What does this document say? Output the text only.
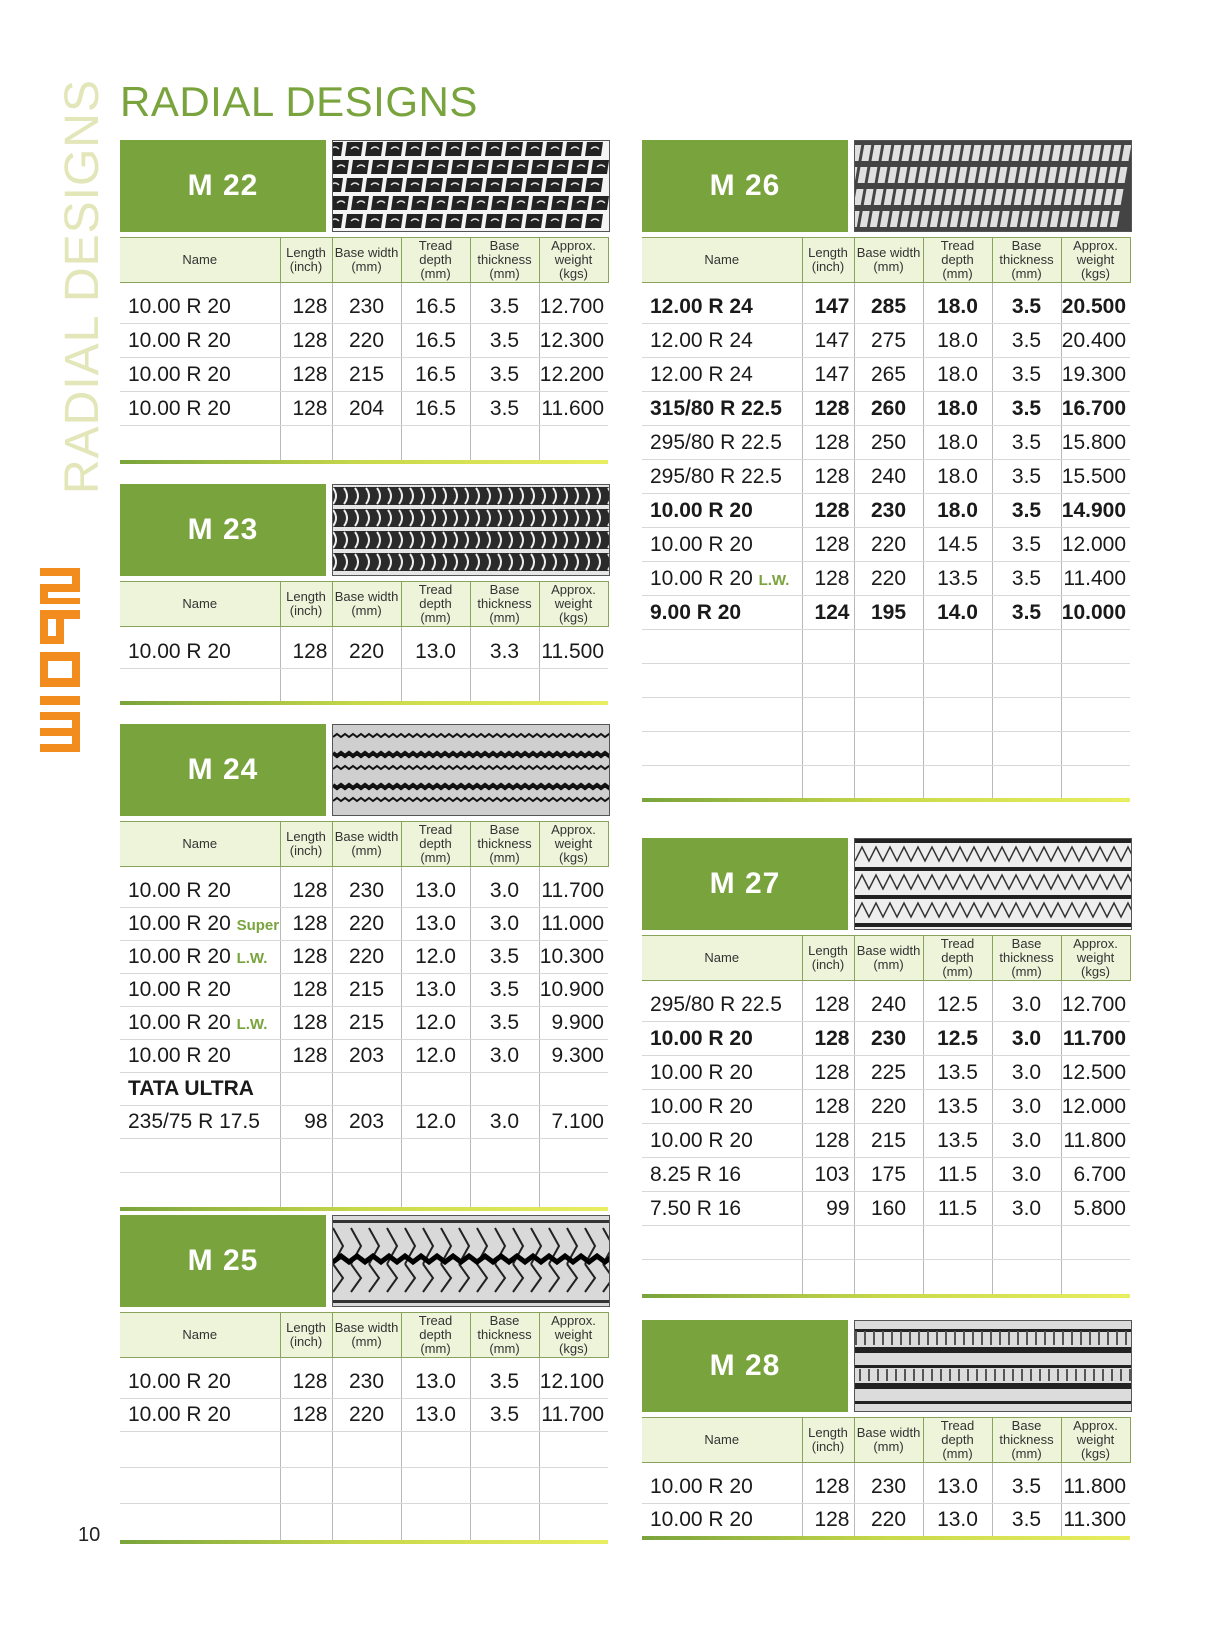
RADIAL DESIGNS RADIAL DESIGNS
10
M 22
Name	Length (inch)	Base width (mm)	Tread depth (mm)	Base thickness (mm)	Approx. weight (kgs)
10.00 R 20	128	230	16.5	3.5	12.700
10.00 R 20	128	220	16.5	3.5	12.300
10.00 R 20	128	215	16.5	3.5	12.200
10.00 R 20	128	204	16.5	3.5	11.600

M 23
Name	Length (inch)	Base width (mm)	Tread depth (mm)	Base thickness (mm)	Approx. weight (kgs)
10.00 R 20	128	220	13.0	3.3	11.500

M 24
Name	Length (inch)	Base width (mm)	Tread depth (mm)	Base thickness (mm)	Approx. weight (kgs)
10.00 R 20	128	230	13.0	3.0	11.700
10.00 R 20 Super	128	220	13.0	3.0	11.000
10.00 R 20 L.W.	128	220	12.0	3.5	10.300
10.00 R 20	128	215	13.0	3.5	10.900
10.00 R 20 L.W.	128	215	12.0	3.5	9.900
10.00 R 20	128	203	12.0	3.0	9.300
TATA ULTRA					
235/75 R 17.5	98	203	12.0	3.0	7.100

M 25
Name	Length (inch)	Base width (mm)	Tread depth (mm)	Base thickness (mm)	Approx. weight (kgs)
10.00 R 20	128	230	13.0	3.5	12.100
10.00 R 20	128	220	13.0	3.5	11.700

M 26
Name	Length (inch)	Base width (mm)	Tread depth (mm)	Base thickness (mm)	Approx. weight (kgs)
12.00 R 24	147	285	18.0	3.5	20.500
12.00 R 24	147	275	18.0	3.5	20.400
12.00 R 24	147	265	18.0	3.5	19.300
315/80 R 22.5	128	260	18.0	3.5	16.700
295/80 R 22.5	128	250	18.0	3.5	15.800
295/80 R 22.5	128	240	18.0	3.5	15.500
10.00 R 20	128	230	18.0	3.5	14.900
10.00 R 20	128	220	14.5	3.5	12.000
10.00 R 20 L.W.	128	220	13.5	3.5	11.400
9.00 R 20	124	195	14.0	3.5	10.000

M 27
Name	Length (inch)	Base width (mm)	Tread depth (mm)	Base thickness (mm)	Approx. weight (kgs)
295/80 R 22.5	128	240	12.5	3.0	12.700
10.00 R 20	128	230	12.5	3.0	11.700
10.00 R 20	128	225	13.5	3.0	12.500
10.00 R 20	128	220	13.5	3.0	12.000
10.00 R 20	128	215	13.5	3.0	11.800
8.25 R 16	103	175	11.5	3.0	6.700
7.50 R 16	99	160	11.5	3.0	5.800

M 28
Name	Length (inch)	Base width (mm)	Tread depth (mm)	Base thickness (mm)	Approx. weight (kgs)
10.00 R 20	128	230	13.0	3.5	11.800
10.00 R 20	128	220	13.0	3.5	11.300
